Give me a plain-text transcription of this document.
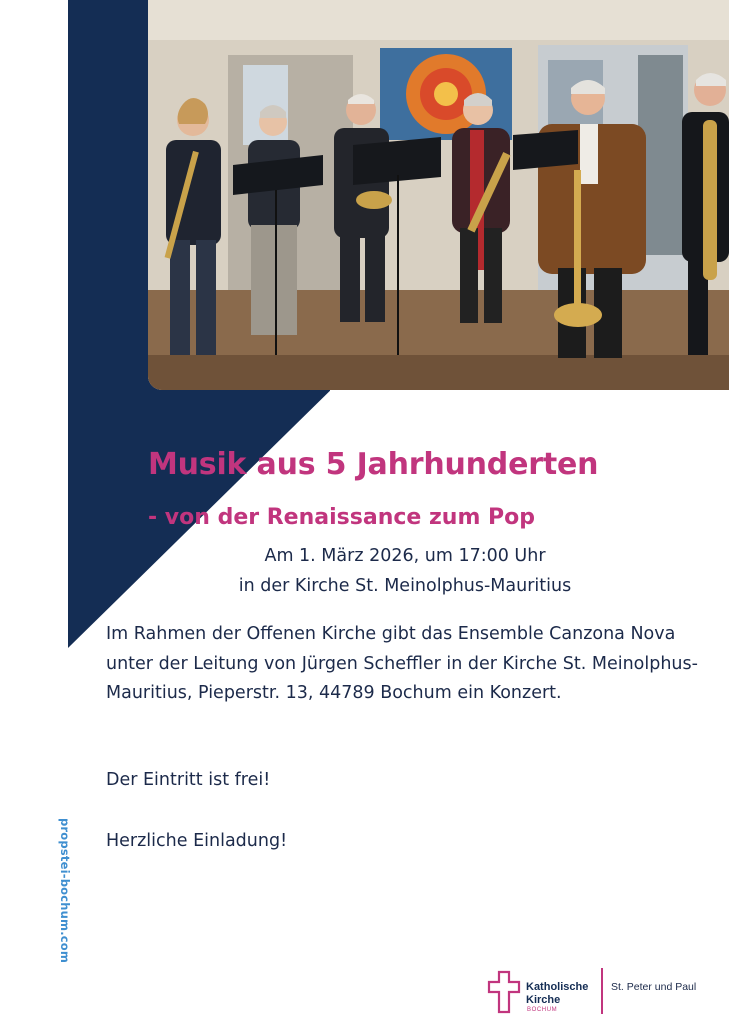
Musik aus 5 Jahrhunderten
- von der Renaissance zum Pop
Am 1. März 2026, um 17:00 Uhr
in der Kirche St. Meinolphus-Mauritius

Im Rahmen der Offenen Kirche gibt das Ensemble Canzona Nova unter der Leitung von Jürgen Scheffler in der Kirche St. Meinolphus-Mauritius, Pieperstr. 13, 44789 Bochum ein Konzert.

Der Eintritt ist frei!

Herzliche Einladung!

propstei-bochum.com
Katholische
Kirche
BOCHUM
St. Peter und Paul
